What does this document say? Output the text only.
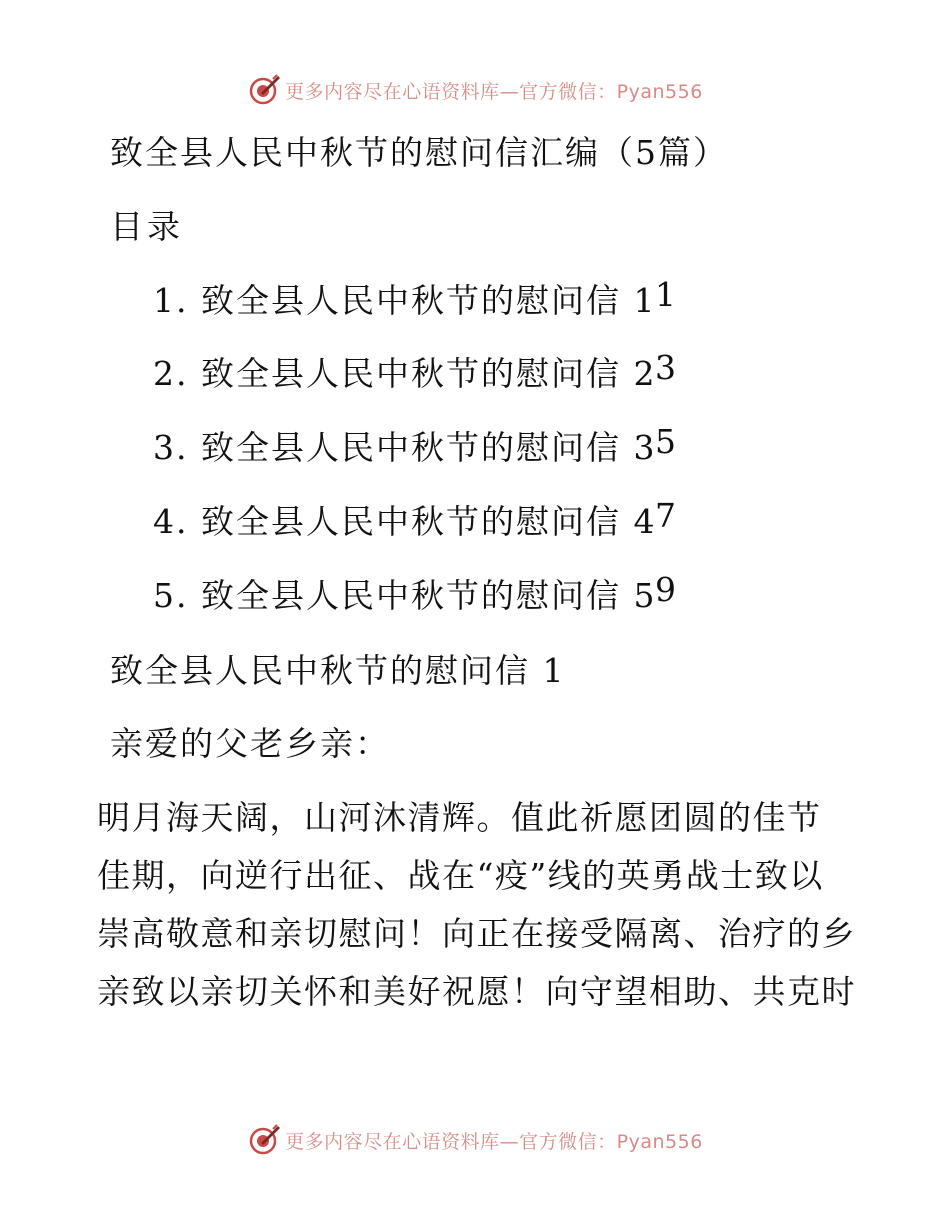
更多内容尽在心语资料库—官方微信：Pyan556
致全县人民中秋节的慰问信汇编（5篇）
目录
1. 致全县人民中秋节的慰问信 1
1
2. 致全县人民中秋节的慰问信 2
3
3. 致全县人民中秋节的慰问信 3
5
4. 致全县人民中秋节的慰问信 4
7
5. 致全县人民中秋节的慰问信 5
9
致全县人民中秋节的慰问信 1
亲爱的父老乡亲：
明月海天阔，山河沐清辉。值此祈愿团圆的佳节
佳期，向逆行出征、战在“疫”线的英勇战士致以
崇高敬意和亲切慰问！向正在接受隔离、治疗的乡
亲致以亲切关怀和美好祝愿！向守望相助、共克时
更多内容尽在心语资料库—官方微信：Pyan556
